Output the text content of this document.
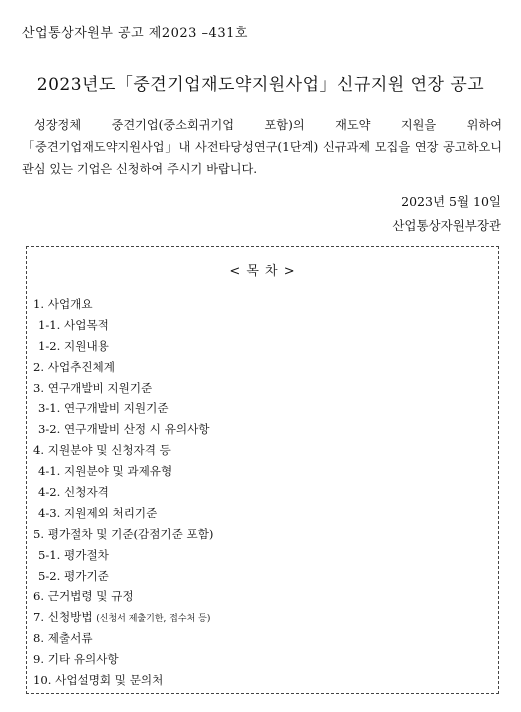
산업통상자원부 공고 제2023 –431호
2023년도「중견기업재도약지원사업」신규지원 연장 공고
성장정체 중견기업(중소회귀기업 포함)의 재도약 지원을 위하여「중견기업재도약지원사업」내 사전타당성연구(1단계) 신규과제 모집을 연장 공고하오니 관심 있는 기업은 신청하여 주시기 바랍니다.
2023년 5월 10일
산업통상자원부장관
< 목 차 >
1. 사업개요
1-1. 사업목적
1-2. 지원내용
2. 사업추진체계
3. 연구개발비 지원기준
3-1. 연구개발비 지원기준
3-2. 연구개발비 산정 시 유의사항
4. 지원분야 및 신청자격 등
4-1. 지원분야 및 과제유형
4-2. 신청자격
4-3. 지원제외 처리기준
5. 평가절차 및 기준(감점기준 포함)
5-1. 평가절차
5-2. 평가기준
6. 근거법령 및 규정
7. 신청방법 (신청서 제출기한, 접수처 등)
8. 제출서류
9. 기타 유의사항
10. 사업설명회 및 문의처
